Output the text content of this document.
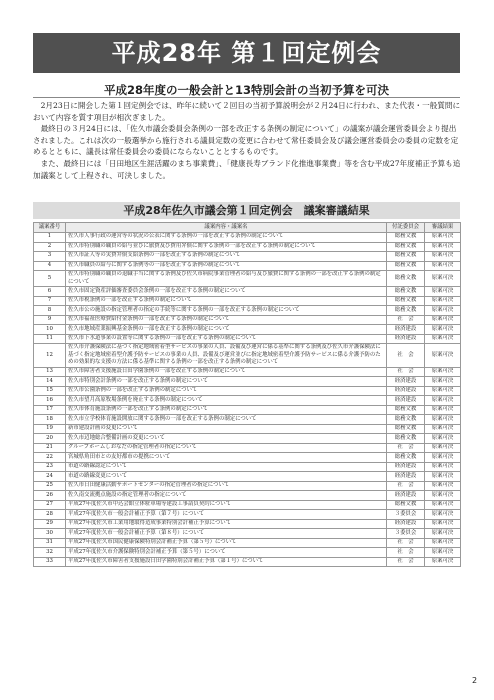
平成28年 第１回定例会
平成28年度の一般会計と13特別会計の当初予算を可決

2月23日に開会した第１回定例会では、昨年に続いて２回目の当初予算説明会が２月24日に行われ、また代表・一般質問において内容を質す項目が相次ぎました。

最終日の３月24日には、「佐久市議会委員会条例の一部を改正する条例の制定について」の議案が議会運営委員会より提出されました。これは次の一般選挙から施行される議員定数の変更に合わせて常任委員会及び議会運営委員会の委員の定数を定めるとともに、議長は常任委員会の委員にならないこととするものです。

また、最終日には「日田地区生涯活躍のまち事業費」、「健康長寿ブランド化推進事業費」等を含む平成27年度補正予算も追加議案として上程され、可決しました。

平成28年佐久市議会第１回定例会　議案審議結果
議案番号	議案内容・議案名	付託委員会	審議結果
1	佐久市人事行政の運営等の状況の公表に関する条例の一部を改正する条例の制定について	総務文教	原案可決
2	佐久市特別職の職員の給与並びに旅費及び費用弁償に関する条例の一部を改正する条例の制定について	総務文教	原案可決
3	佐久市証人等の実費弁償支給条例の一部を改正する条例の制定について	総務文教	原案可決
4	佐久市職員の給与に関する条例等の一部を改正する条例の制定について	総務文教	原案可決
5	佐久市特別職の職員の退職手当に関する条例及び佐久市病院事業管理者の給与及び旅費に関する条例の一部を改正する条例の制定について	総務文教	原案可決
6	佐久市固定資産評価審査委員会条例の一部を改正する条例の制定について	総務文教	原案可決
7	佐久市税条例の一部を改正する条例の制定について	総務文教	原案可決
8	佐久市公の施設の指定管理者の指定の手続等に関する条例の一部を改正する条例の制定について	総務文教	原案可決
9	佐久市福祉医療費給付金条例の一部を改正する条例の制定について	社　会	原案可決
10	佐久市地域産業振興基金条例の一部を改正する条例の制定について	経済建設	原案可決
11	佐久市下水道事業の設置等に関する条例の一部を改正する条例の制定について	経済建設	原案可決
12	佐久市介護保険法に基づく指定地域密着型サービスの事業の人員、設備及び運営に係る基準に関する条例及び佐久市介護保険法に基づく指定地域密着型介護予防サービスの事業の人員、設備及び運営並びに指定地域密着型介護予防サービスに係る介護予防のための効果的な支援の方法に係る基準に関する条例の一部を改正する条例の制定について	社　会	原案可決
13	佐久市障害者支援施設日田学園条例の一部を改正する条例の制定について	社　会	原案可決
14	佐久市特別会計条例の一部を改正する条例の制定について	経済建設	原案可決
15	佐久市公園条例の一部を改正する条例の制定について	経済建設	原案可決
16	佐久市望月高原牧場条例を廃止する条例の制定について	経済建設	原案可決
17	佐久市体育施設条例の一部を改正する条例の制定について	総務文教	原案可決
18	佐久市立学校体育施設開放に関する条例の一部を改正する条例の制定について	総務文教	原案可決
19	新市建設計画の変更について	総務文教	原案可決
20	佐久市辺地総合整備計画の変更について	総務文教	原案可決
21	グループホームしおなだの指定管理者の指定について	社　会	原案可決
22	宮城県角田市との友好都市の提携について	総務文教	原案可決
23	市道の路線認定について	経済建設	原案可決
24	市道の路線変更について	経済建設	原案可決
25	佐久市日田健康活動サポートセンターの指定管理者の指定について	社　会	原案可決
26	佐久南交流拠点施設の指定管理者の指定について	経済建設	原案可決
27	平成27年度佐久市中込会館立体駐車場等建設工事請負契約について	総務文教	原案可決
28	平成27年度佐久市一般会計補正予算（第７号）について	３委員会	原案可決
29	平成27年度佐久市工業用地取得造成事業特別会計補正予算について	経済建設	原案可決
30	平成27年度佐久市一般会計補正予算（第８号）について	３委員会	原案可決
31	平成27年度佐久市国民健康保険特別会計補正予算（第５号）について	社　会	原案可決
32	平成27年度佐久市介護保険特別会計補正予算（第５号）について	社　会	原案可決
33	平成27年度佐久市障害者支援施設日田学園特別会計補正予算（第１号）について	社　会	原案可決
2
